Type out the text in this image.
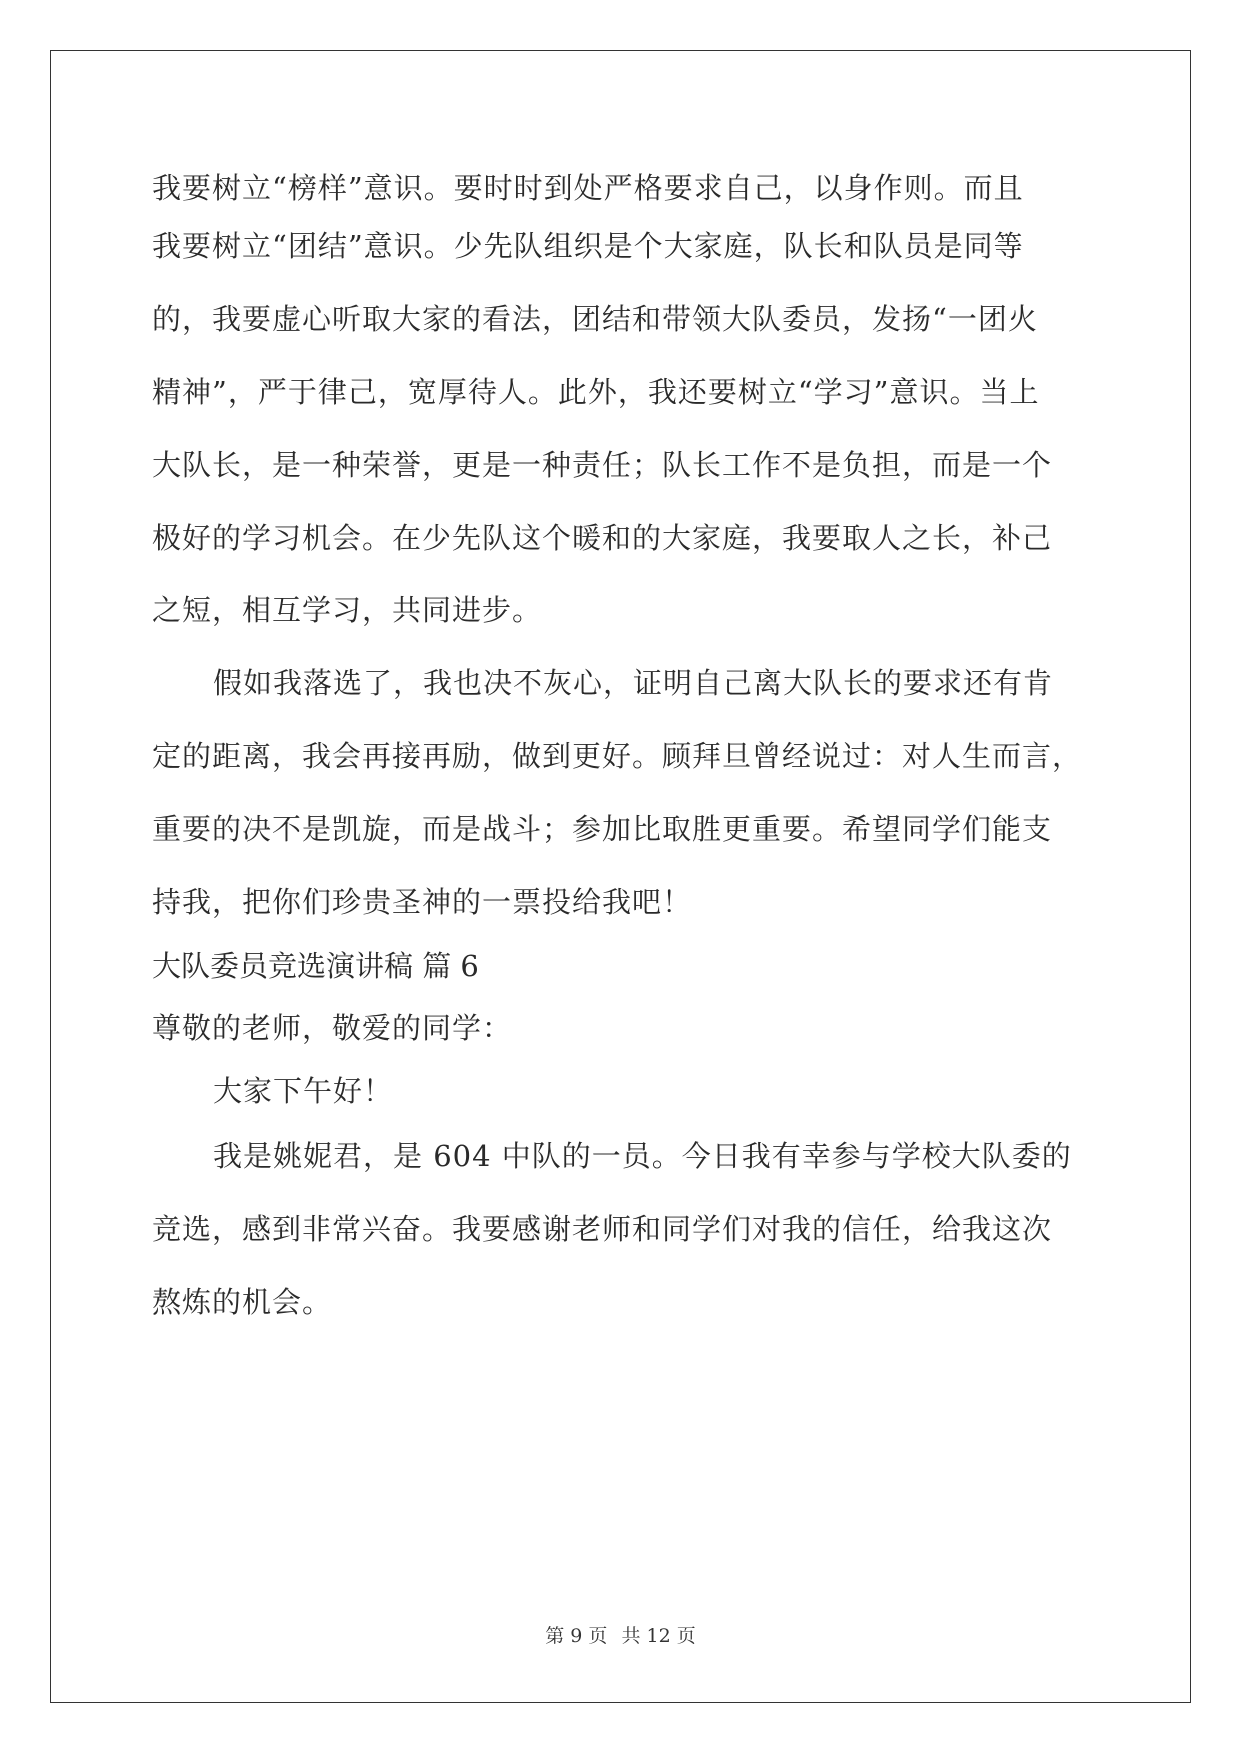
我要树立“榜样”意识。要时时到处严格要求自己，以身作则。而且
我要树立“团结”意识。少先队组织是个大家庭，队长和队员是同等
的，我要虚心听取大家的看法，团结和带领大队委员，发扬“一团火
精神”，严于律己，宽厚待人。此外，我还要树立“学习”意识。当上
大队长，是一种荣誉，更是一种责任；队长工作不是负担，而是一个
极好的学习机会。在少先队这个暖和的大家庭，我要取人之长，补己
之短，相互学习，共同进步。
假如我落选了，我也决不灰心，证明自己离大队长的要求还有肯
定的距离，我会再接再励，做到更好。顾拜旦曾经说过：对人生而言，
重要的决不是凯旋，而是战斗；参加比取胜更重要。希望同学们能支
持我，把你们珍贵圣神的一票投给我吧！
大队委员竞选演讲稿 篇 6
尊敬的老师，敬爱的同学：
大家下午好！
我是姚妮君，是 604 中队的一员。今日我有幸参与学校大队委的
竞选，感到非常兴奋。我要感谢老师和同学们对我的信任，给我这次
熬炼的机会。
第 9 页 共 12 页
